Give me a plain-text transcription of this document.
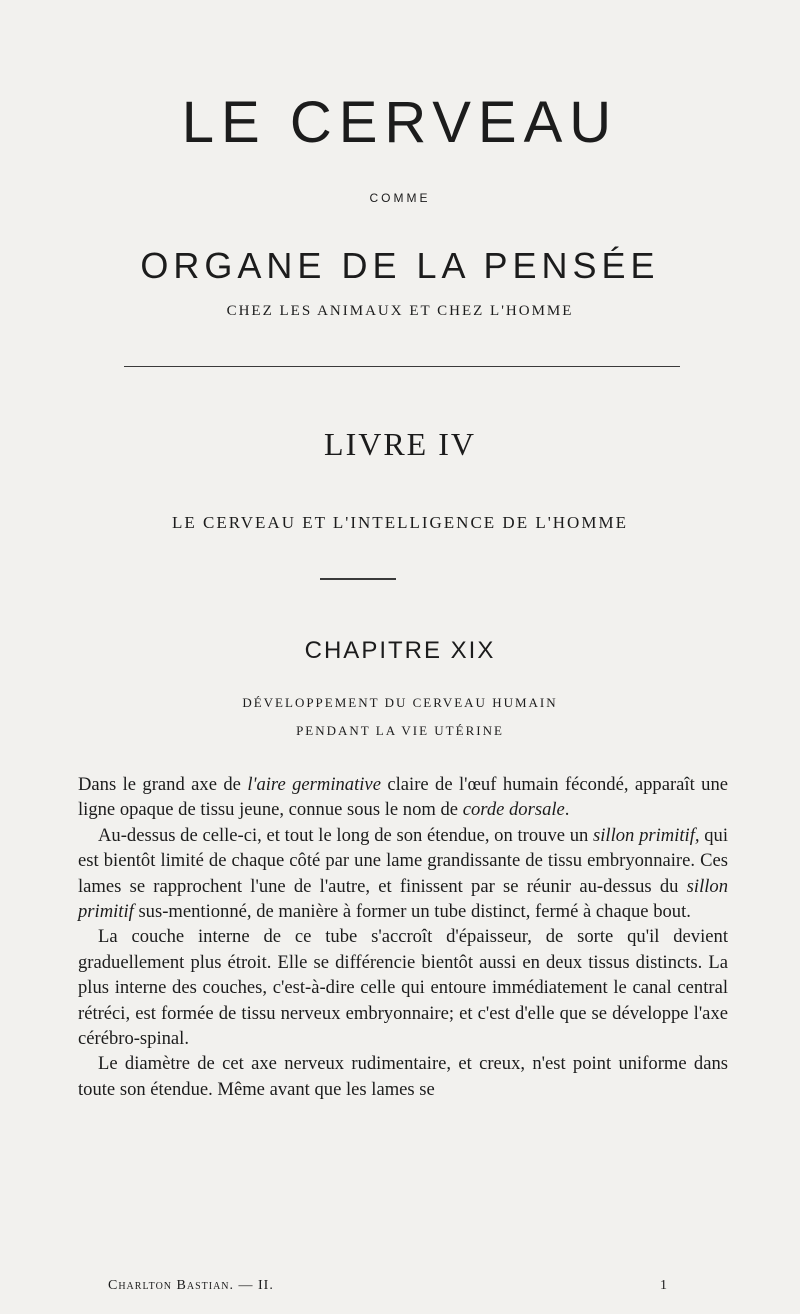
LE CERVEAU
COMME
ORGANE DE LA PENSÉE
CHEZ LES ANIMAUX ET CHEZ L'HOMME
LIVRE IV
LE CERVEAU ET L'INTELLIGENCE DE L'HOMME
CHAPITRE XIX
DÉVELOPPEMENT DU CERVEAU HUMAIN
PENDANT LA VIE UTÉRINE

Dans le grand axe de l'aire germinative claire de l'œuf humain fécondé, apparaît une ligne opaque de tissu jeune, connue sous le nom de corde dorsale.

Au-dessus de celle-ci, et tout le long de son étendue, on trouve un sillon primitif, qui est bientôt limité de chaque côté par une lame grandissante de tissu embryonnaire. Ces lames se rapprochent l'une de l'autre, et finissent par se réunir au-dessus du sillon primitif sus-mentionné, de manière à former un tube distinct, fermé à chaque bout.

La couche interne de ce tube s'accroît d'épaisseur, de sorte qu'il devient graduellement plus étroit. Elle se différencie bientôt aussi en deux tissus distincts. La plus interne des couches, c'est-à-dire celle qui entoure immédiatement le canal central rétréci, est formée de tissu nerveux embryonnaire; et c'est d'elle que se développe l'axe cérébro-spinal.

Le diamètre de cet axe nerveux rudimentaire, et creux, n'est point uniforme dans toute son étendue. Même avant que les lames se

Charlton Bastian. — II.	1
